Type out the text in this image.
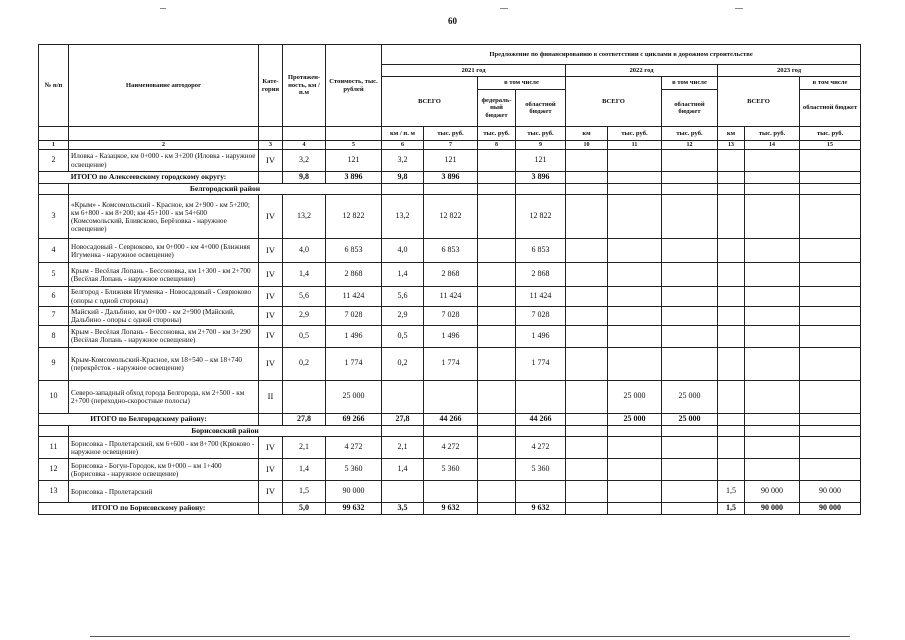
60
№ п/п	Наименование автодорог	Кате-гория	Протяжен-ность, км / п.м	Стоимость, тыс. рублей	Предложение по финансированию в соответствии с циклами в дорожном строительстве									
					2021 год				2022 год			2023 год		
					ВСЕГО		в том числе		ВСЕГО		в том числе	ВСЕГО		в том числе
							федераль-ный бюджет	областной бюджет			областной бюджет			областной бюджет
					км / п. м	тыс. руб.	тыс. руб.	тыс. руб.	км	тыс. руб.	тыс. руб.	км	тыс. руб.	тыс. руб.
1	2	3	4	5	6	7	8	9	10	11	12	13	14	15
2	Иловка - Казацкое, км 0+000 - км 3+200 (Иловка - наружное освещение)	IV	3,2	121	3,2	121		121						
ИТОГО по Алексеевскому городскому округу:			9,8	3 896	9,8	3 896		3 896						
	Белгородский район													
3	«Крым» - Комсомольский - Красное, км 2+900 - км 5+200; км 6+800 - км 8+200; км 45+100 - км 54+600 (Комсомольский, Бливсково, Берёзовка - наружное освещение)	IV	13,2	12 822	13,2	12 822		12 822						
4	Новосадовый - Севрюково, км 0+000 - км 4+000 (Ближняя Игуменка - наружное освещение)	IV	4,0	6 853	4,0	6 853		6 853						
5	Крым - Весёлая Лопань - Бессоновка, км 1+300 - км 2+700 (Весёлая Лопань - наружное освещение)	IV	1,4	2 868	1,4	2 868		2 868						
6	Белгород - Ближняя Игуменка - Новосадовый - Севрюково (опоры с одной стороны)	IV	5,6	11 424	5,6	11 424		11 424						
7	Майский - Дальбино, км 0+000 - км 2+900 (Майский, Дальбино - опоры с одной стороны)	IV	2,9	7 028	2,9	7 028		7 028						
8	Крым - Весёлая Лопань - Бессоновка, км 2+700 - км 3+290 (Весёлая Лопань - наружное освещение)	IV	0,5	1 496	0,5	1 496		1 496						
9	Крым-Комсомольский-Красное, км 18+540 – км 18+740 (перекрёсток - наружное освещение)	IV	0,2	1 774	0,2	1 774		1 774						
10	Северо-западный обход города Белгорода, км 2+500 - км 2+700 (переходно-скоростные полосы)	II		25 000						25 000	25 000			
ИТОГО по Белгородскому району:			27,8	69 266	27,8	44 266		44 266		25 000	25 000			
	Борисовский район													
11	Борисовка - Пролетарский, км 6+600 - км 8+700 (Крюково - наружное освещение)	IV	2,1	4 272	2,1	4 272		4 272						
12	Борисовка - Богун-Городок, км 0+000 – км 1+400 (Борисовка - наружное освещение)	IV	1,4	5 360	1,4	5 360		5 360						
13	Борисовка - Пролетарский	IV	1,5	90 000								1,5	90 000	90 000
ИТОГО по Борисовскому району:			5,0	99 632	3,5	9 632		9 632				1,5	90 000	90 000
